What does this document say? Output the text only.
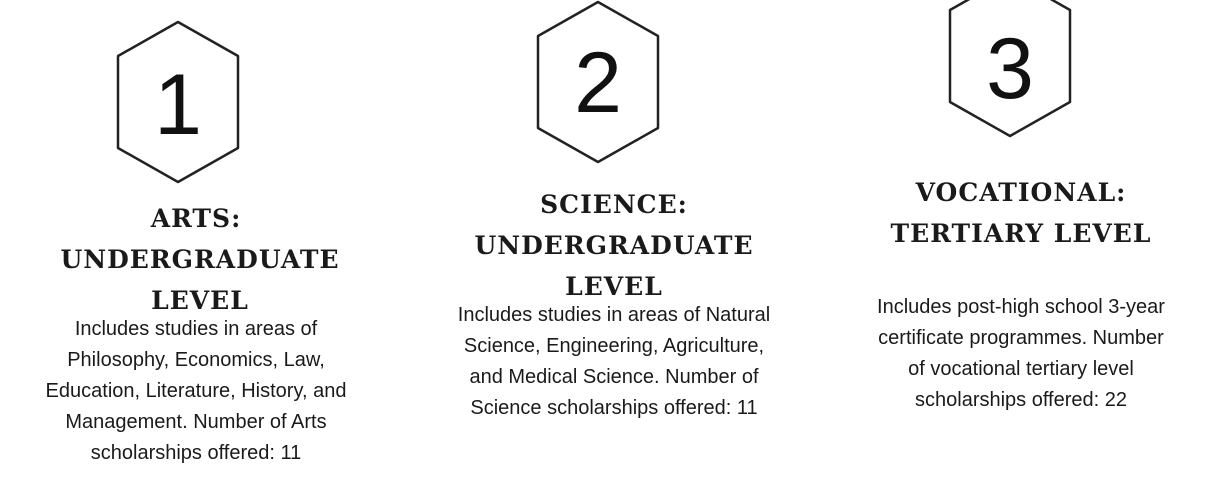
1
ARTS:
UNDERGRADUATE LEVEL
Includes studies in areas of
Philosophy, Economics, Law,
Education, Literature, History, and
Management. Number of Arts
scholarships offered: 11
2
SCIENCE:
UNDERGRADUATE LEVEL
Includes studies in areas of Natural
Science, Engineering, Agriculture,
and Medical Science. Number of
Science scholarships offered: 11
3
VOCATIONAL:
TERTIARY LEVEL
Includes post-high school 3-year
certificate programmes. Number
of vocational tertiary level
scholarships offered: 22
